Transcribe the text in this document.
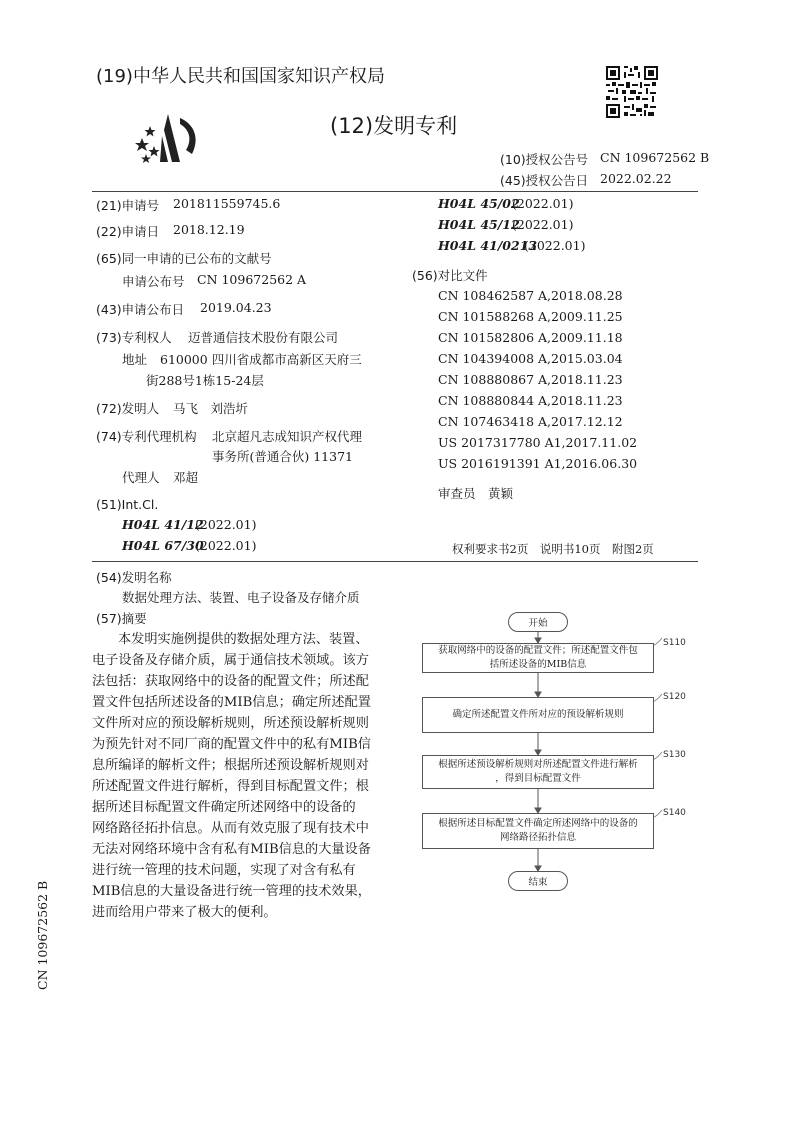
(19)中华人民共和国国家知识产权局
(12)发明专利
(10)授权公告号 CN 109672562 B
(45)授权公告日 2022.02.22
(21)申请号 201811559745.6
(22)申请日 2018.12.19
(65)同一申请的已公布的文献号
申请公布号 CN 109672562 A
(43)申请公布日 2019.04.23
(73)专利权人 迈普通信技术股份有限公司
地址 610000 四川省成都市高新区天府三
街288号1栋15-24层
(72)发明人 马飞　刘浩圻
(74)专利代理机构 北京超凡志成知识产权代理
事务所(普通合伙) 11371
代理人 邓超
(51)Int.Cl.
H04L 41/12
(2022.01)
H04L 67/30
(2022.01)
H04L 45/02
(2022.01)
H04L 45/12
(2022.01)
H04L 41/0213
(2022.01)
(56)对比文件
CN 108462587 A,2018.08.28
CN 101588268 A,2009.11.25
CN 101582806 A,2009.11.18
CN 104394008 A,2015.03.04
CN 108880867 A,2018.11.23
CN 108880844 A,2018.11.23
CN 107463418 A,2017.12.12
US 2017317780 A1,2017.11.02
US 2016191391 A1,2016.06.30
审查员 黄颖
权利要求书2页　说明书10页　附图2页
(54)发明名称
数据处理方法、装置、电子设备及存储介质
(57)摘要
本发明实施例提供的数据处理方法、装置、
电子设备及存储介质，属于通信技术领域。该方
法包括：获取网络中的设备的配置文件；所述配
置文件包括所述设备的MIB信息；确定所述配置
文件所对应的预设解析规则，所述预设解析规则
为预先针对不同厂商的配置文件中的私有MIB信
息所编译的解析文件；根据所述预设解析规则对
所述配置文件进行解析，得到目标配置文件；根
据所述目标配置文件确定所述网络中的设备的
网络路径拓扑信息。从而有效克服了现有技术中
无法对网络环境中含有私有MIB信息的大量设备
进行统一管理的技术问题，实现了对含有私有
MIB信息的大量设备进行统一管理的技术效果，
进而给用户带来了极大的便利。
开始
获取网络中的设备的配置文件；所述配置文件包
括所述设备的MIB信息
S110
确定所述配置文件所对应的预设解析规则
S120
根据所述预设解析规则对所述配置文件进行解析
，得到目标配置文件
S130
根据所述目标配置文件确定所述网络中的设备的
网络路径拓扑信息
S140
结束
CN 109672562 B
